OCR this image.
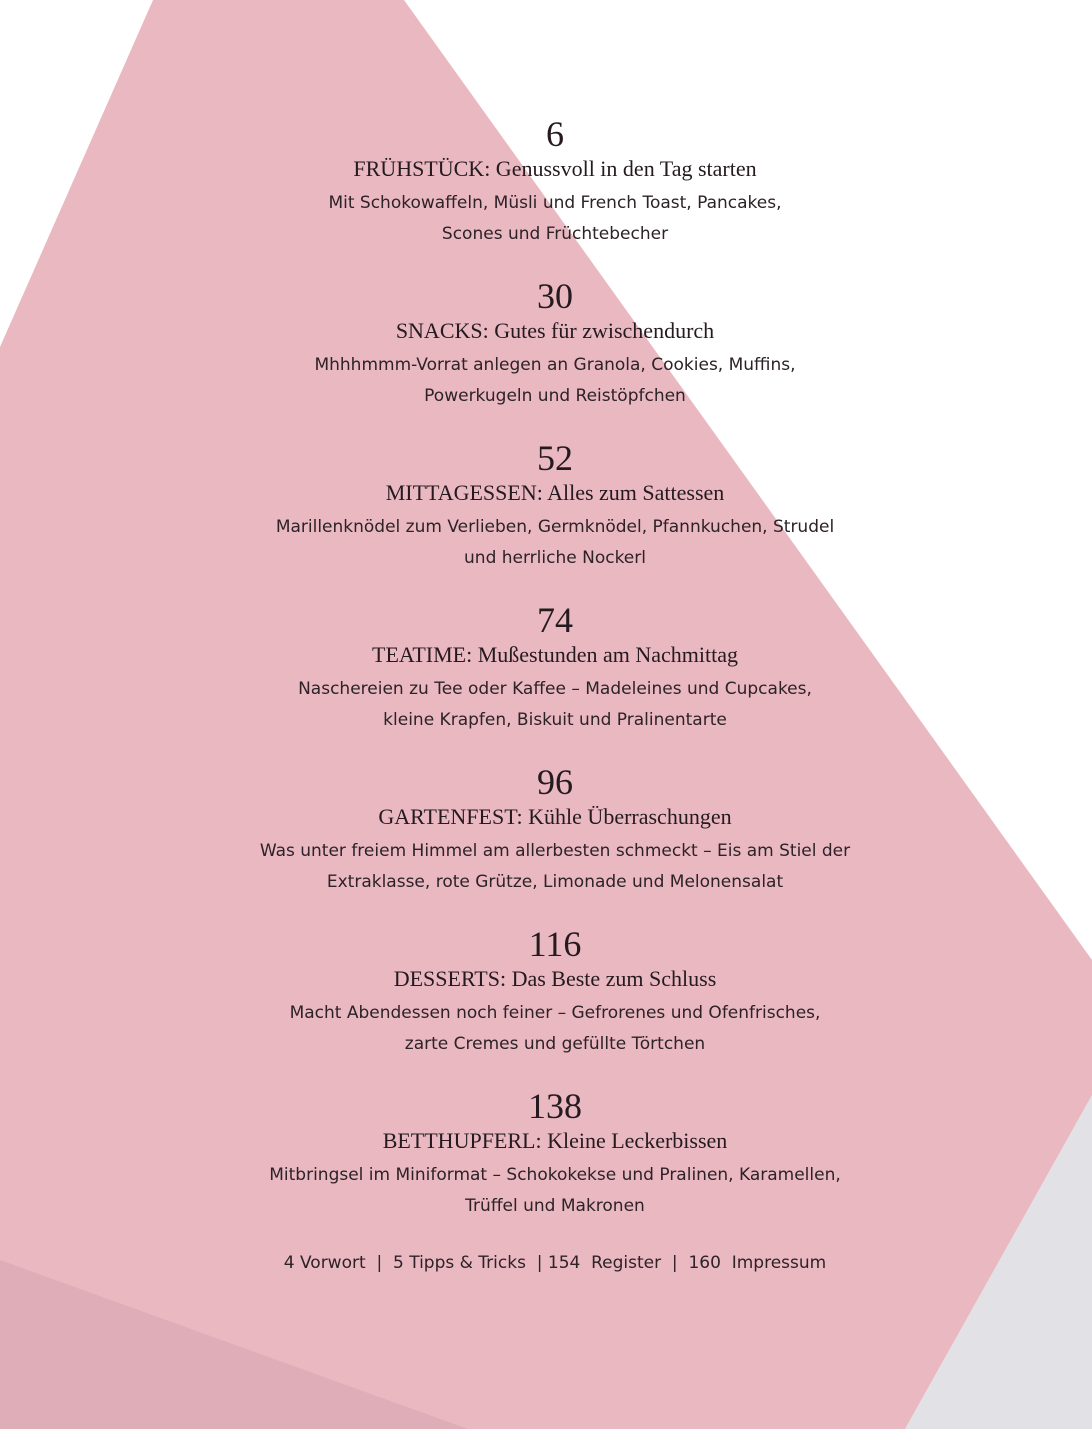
6
FRÜHSTÜCK: Genussvoll in den Tag starten
Mit Schokowaffeln, Müsli und French Toast, Pancakes,
Scones und Früchtebecher
30
SNACKS: Gutes für zwischendurch
Mhhhmmm-Vorrat anlegen an Granola, Cookies, Muffins,
Powerkugeln und Reistöpfchen
52
MITTAGESSEN: Alles zum Sattessen
Marillenknödel zum Verlieben, Germknödel, Pfannkuchen, Strudel
und herrliche Nockerl
74
TEATIME: Mußestunden am Nachmittag
Naschereien zu Tee oder Kaffee – Madeleines und Cupcakes,
kleine Krapfen, Biskuit und Pralinentarte
96
GARTENFEST: Kühle Überraschungen
Was unter freiem Himmel am allerbesten schmeckt – Eis am Stiel der
Extraklasse, rote Grütze, Limonade und Melonensalat
116
DESSERTS: Das Beste zum Schluss
Macht Abendessen noch feiner – Gefrorenes und Ofenfrisches,
zarte Cremes und gefüllte Törtchen
138
BETTHUPFERL: Kleine Leckerbissen
Mitbringsel im Miniformat – Schokokekse und Pralinen, Karamellen,
Trüffel und Makronen
4 Vorwort  |  5 Tipps & Tricks  | 154  Register  |  160  Impressum
